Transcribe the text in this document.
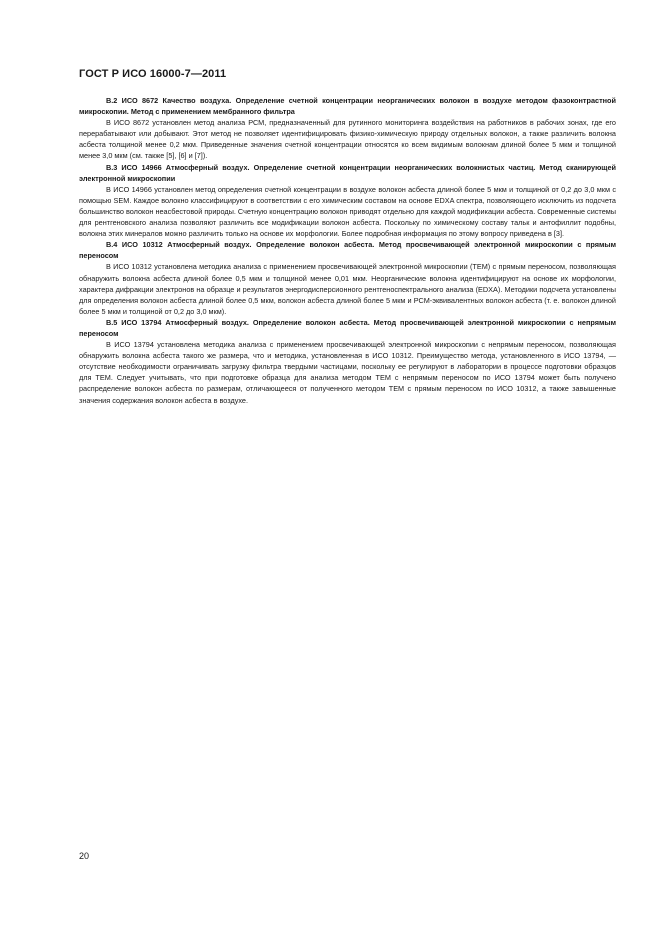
ГОСТ Р ИСО 16000-7—2011

В.2 ИСО 8672 Качество воздуха. Определение счетной концентрации неорганических волокон в воздухе методом фазоконтрастной микроскопии. Метод с применением мембранного фильтра

В ИСО 8672 установлен метод анализа РСМ, предназначенный для рутинного мониторинга воздействия на работников в рабочих зонах, где его перерабатывают или добывают. Этот метод не позволяет идентифицировать физико-химическую природу отдельных волокон, а также различить волокна асбеста толщиной менее 0,2 мкм. Приведенные значения счетной концентрации относятся ко всем видимым волокнам длиной более 5 мкм и толщиной менее 3,0 мкм (см. также [5], [6] и [7]).

В.3 ИСО 14966 Атмосферный воздух. Определение счетной концентрации неорганических волокнистых частиц. Метод сканирующей электронной микроскопии

В ИСО 14966 установлен метод определения счетной концентрации в воздухе волокон асбеста длиной более 5 мкм и толщиной от 0,2 до 3,0 мкм с помощью SEM. Каждое волокно классифицируют в соответствии с его химическим составом на основе EDXA спектра, позволяющего исключить из подсчета большинство волокон неасбестовой природы. Счетную концентрацию волокон приводят отдельно для каждой модификации асбеста. Современные системы для рентгеновского анализа позволяют различить все модификации волокон асбеста. Поскольку по химическому составу тальк и антофиллит подобны, волокна этих минералов можно различить только на основе их морфологии. Более подробная информация по этому вопросу приведена в [3].

В.4 ИСО 10312 Атмосферный воздух. Определение волокон асбеста. Метод просвечивающей электронной микроскопии с прямым переносом

В ИСО 10312 установлена методика анализа с применением просвечивающей электронной микроскопии (ТЕМ) с прямым переносом, позволяющая обнаружить волокна асбеста длиной более 0,5 мкм и толщиной менее 0,01 мкм. Неорганические волокна идентифицируют на основе их морфологии, характера дифракции электронов на образце и результатов энергодисперсионного рентгеноспектрального анализа (EDXA). Методики подсчета установлены для определения волокон асбеста длиной более 0,5 мкм, волокон асбеста длиной более 5 мкм и РСМ-эквивалентных волокон асбеста (т. е. волокон длиной более 5 мкм и толщиной от 0,2 до 3,0 мкм).

В.5 ИСО 13794 Атмосферный воздух. Определение волокон асбеста. Метод просвечивающей электронной микроскопии с непрямым переносом

В ИСО 13794 установлена методика анализа с применением просвечивающей электронной микроскопии с непрямым переносом, позволяющая обнаружить волокна асбеста такого же размера, что и методика, установленная в ИСО 10312. Преимущество метода, установленного в ИСО 13794, — отсутствие необходимости ограничивать загрузку фильтра твердыми частицами, поскольку ее регулируют в лаборатории в процессе подготовки образцов для ТЕМ. Следует учитывать, что при подготовке образца для анализа методом ТЕМ с непрямым переносом по ИСО 13794 может быть получено распределение волокон асбеста по размерам, отличающееся от полученного методом ТЕМ с прямым переносом по ИСО 10312, а также завышенные значения содержания волокон асбеста в воздухе.

20
